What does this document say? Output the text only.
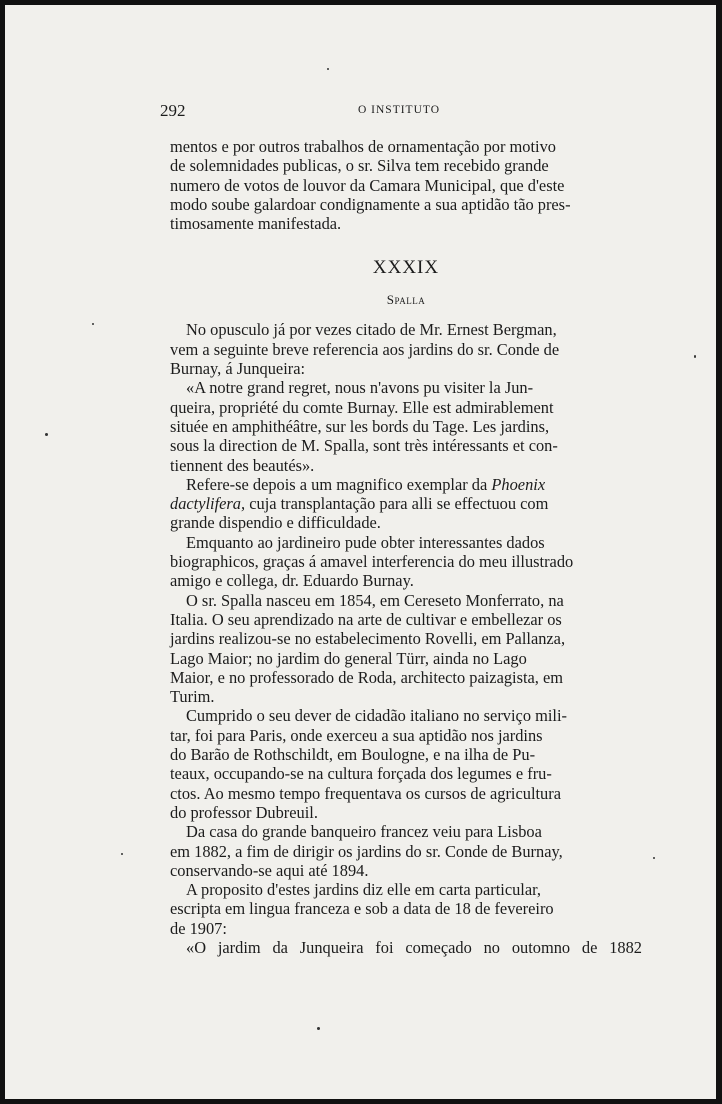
292	O INSTITUTO

mentos e por outros trabalhos de ornamentação por motivo
de solemnidades publicas, o sr. Silva tem recebido grande
numero de votos de louvor da Camara Municipal, que d'este
modo soube galardoar condignamente a sua aptidão tão pres-
timosamente manifestada.

XXXIX
Spalla

No opusculo já por vezes citado de Mr. Ernest Bergman,
vem a seguinte breve referencia aos jardins do sr. Conde de
Burnay, á Junqueira:

«A notre grand regret, nous n'avons pu visiter la Jun-
queira, propriété du comte Burnay. Elle est admirablement
située en amphithéâtre, sur les bords du Tage. Les jardins,
sous la direction de M. Spalla, sont très intéressants et con-
tiennent des beautés».

Refere-se depois a um magnifico exemplar da Phoenix
dactylifera, cuja transplantação para alli se effectuou com
grande dispendio e difficuldade.

Emquanto ao jardineiro pude obter interessantes dados
biographicos, graças á amavel interferencia do meu illustrado
amigo e collega, dr. Eduardo Burnay.

O sr. Spalla nasceu em 1854, em Cereseto Monferrato, na
Italia. O seu aprendizado na arte de cultivar e embellezar os
jardins realizou-se no estabelecimento Rovelli, em Pallanza,
Lago Maior; no jardim do general Türr, ainda no Lago
Maior, e no professorado de Roda, architecto paizagista, em
Turim.

Cumprido o seu dever de cidadão italiano no serviço mili-
tar, foi para Paris, onde exerceu a sua aptidão nos jardins
do Barão de Rothschildt, em Boulogne, e na ilha de Pu-
teaux, occupando-se na cultura forçada dos legumes e fru-
ctos. Ao mesmo tempo frequentava os cursos de agricultura
do professor Dubreuil.

Da casa do grande banqueiro francez veiu para Lisboa
em 1882, a fim de dirigir os jardins do sr. Conde de Burnay,
conservando-se aqui até 1894.

A proposito d'estes jardins diz elle em carta particular,
escripta em lingua franceza e sob a data de 18 de fevereiro
de 1907:

«O jardim da Junqueira foi começado no outomno de 1882
